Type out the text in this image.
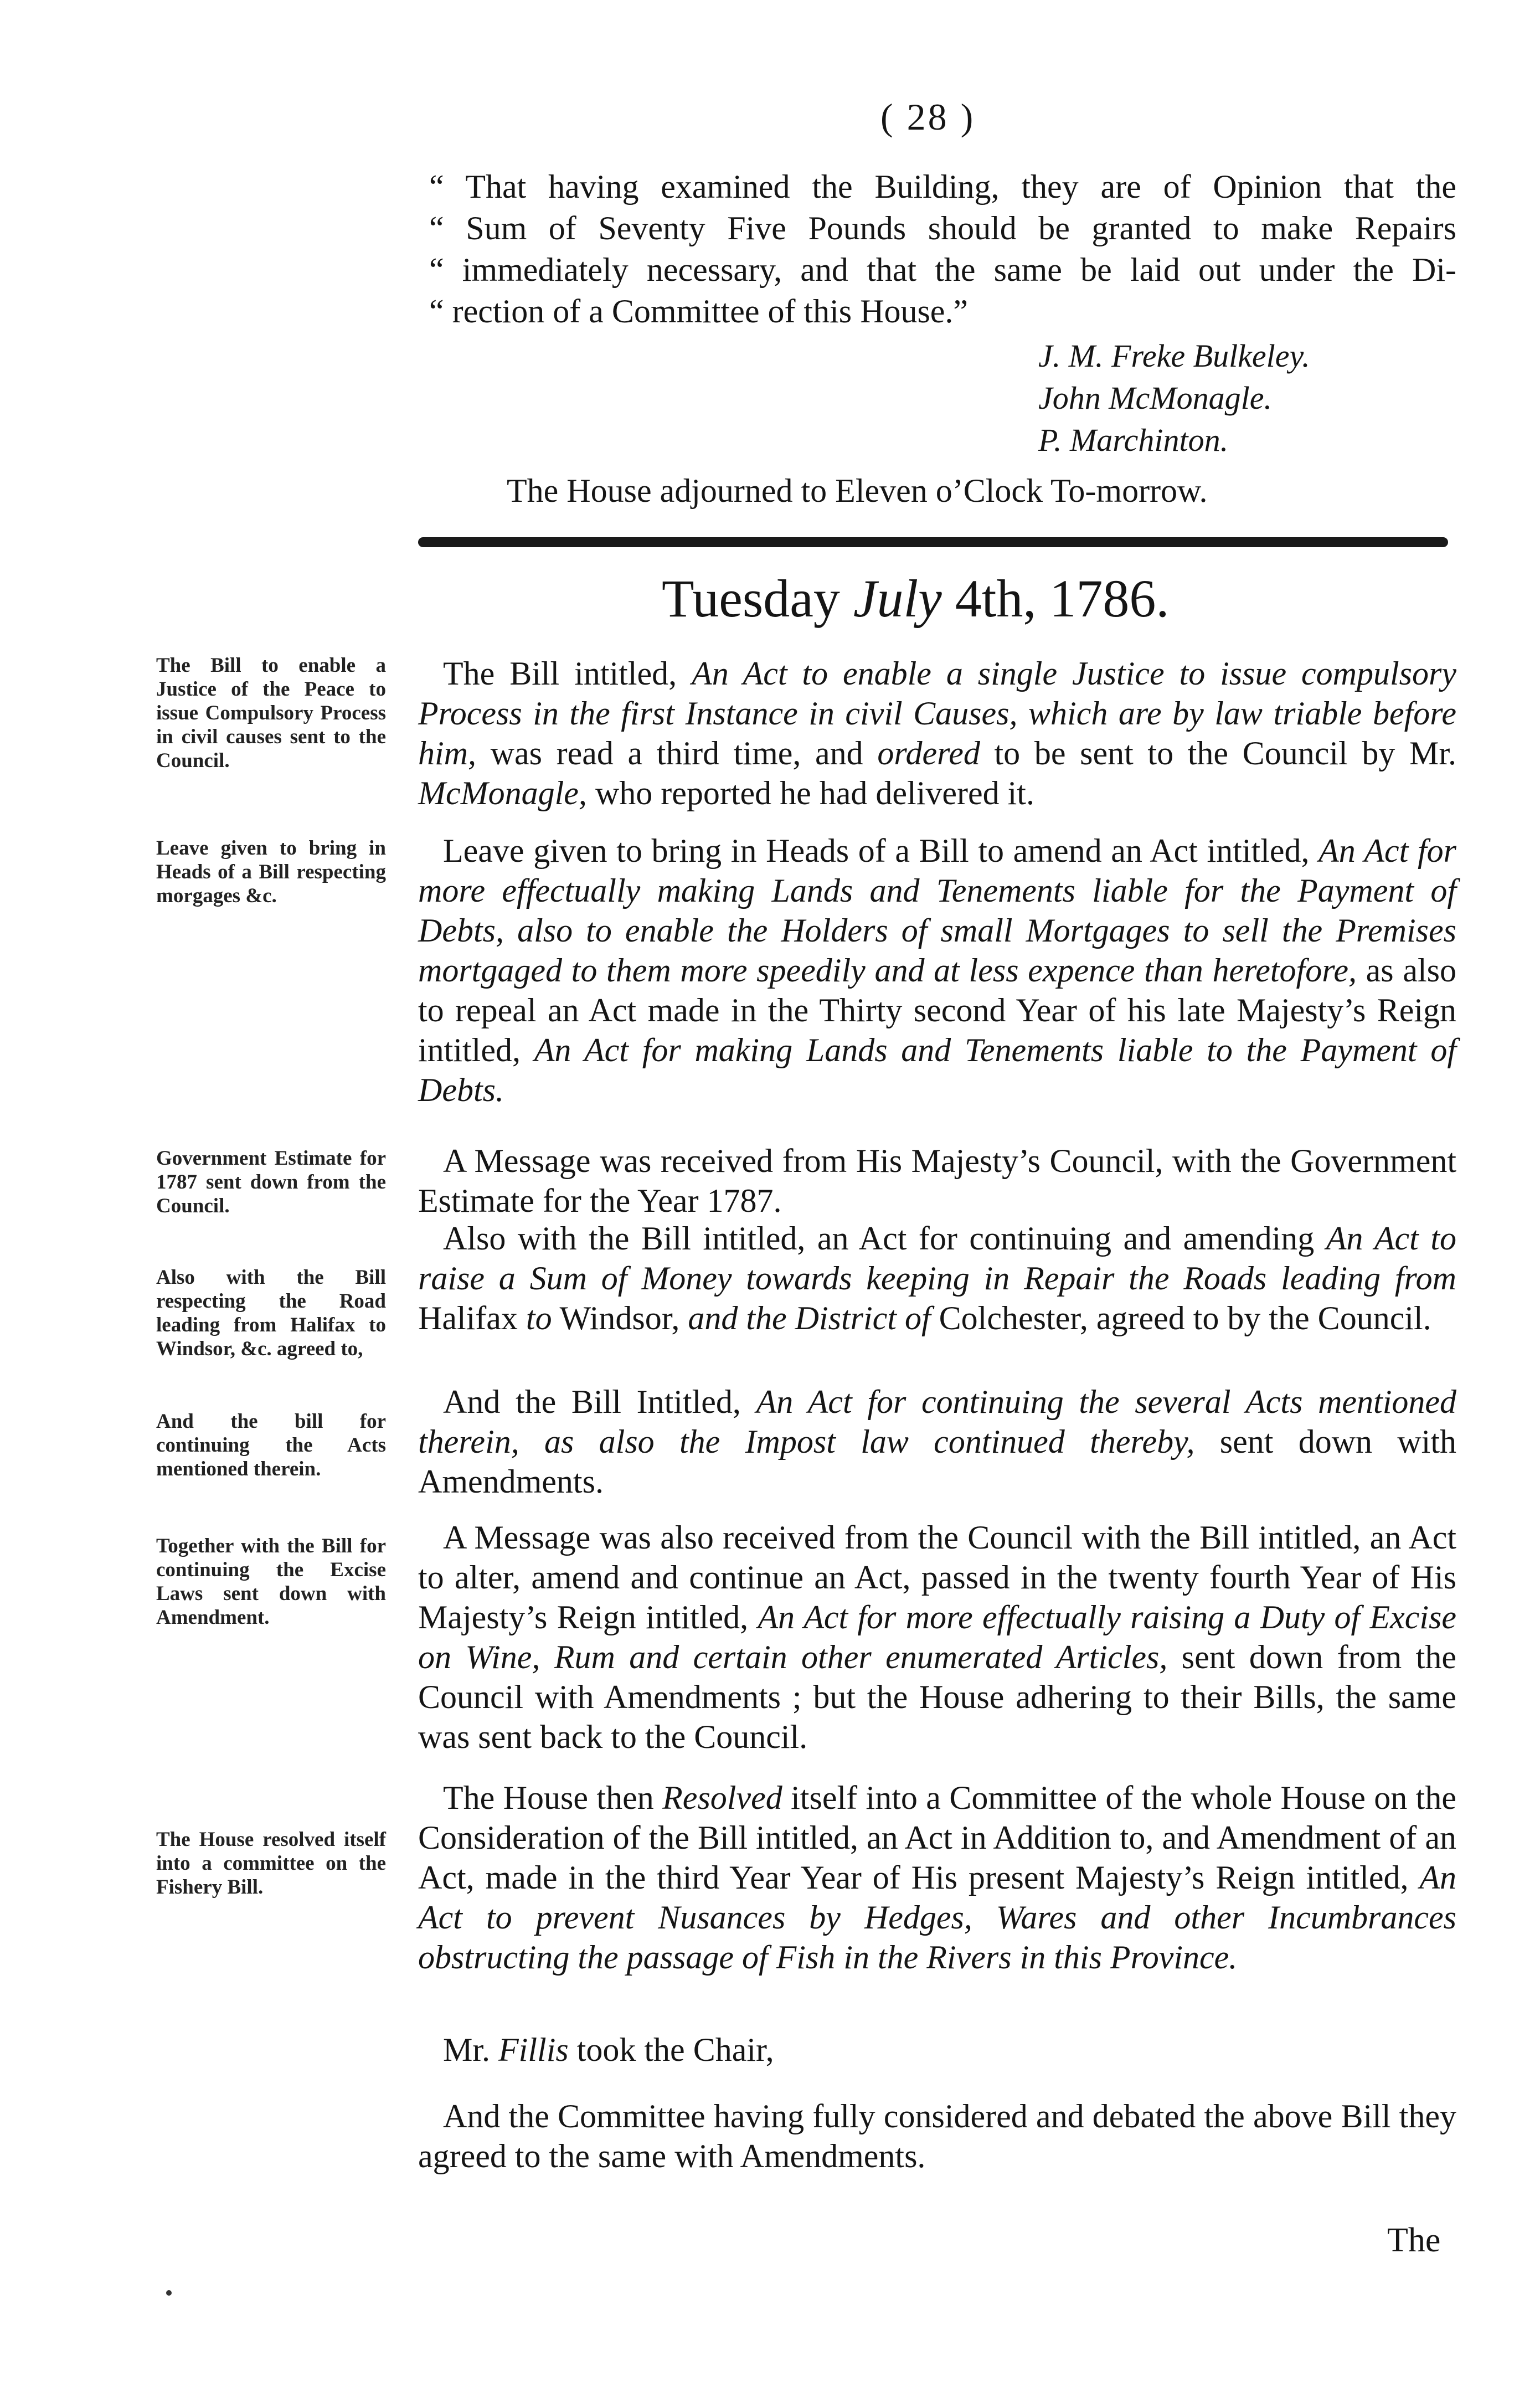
( 28 )
“ That having examined the Building, they are of Opinion that the
“ Sum of Seventy Five Pounds should be granted to make Repairs
“ immediately necessary, and that the same be laid out under the Di-
“ rection of a Committee of this House.”
J. M. Freke Bulkeley.
John McMonagle.
P. Marchinton.
The House adjourned to Eleven o’Clock To-morrow.
Tuesday July 4th, 1786.
The Bill to enable a Justice of the Peace to issue Compulsory Process in civil causes sent to the Council.
Leave given to bring in Heads of a Bill respecting morgages &c.
Government Estimate for 1787 sent down from the Council.
Also with the Bill respecting the Road leading from Halifax to Windsor, &c. agreed to,
And the bill for continuing the Acts mentioned therein.
Together with the Bill for continuing the Excise Laws sent down with Amendment.
The House resolved itself into a committee on the Fishery Bill.

The Bill intitled, An Act to enable a single Justice to issue compulsory Process in the first Instance in civil Causes, which are by law triable before him, was read a third time, and ordered to be sent to the Council by Mr. McMonagle, who reported he had delivered it.

Leave given to bring in Heads of a Bill to amend an Act intitled, An Act for more effectually making Lands and Tenements liable for the Payment of Debts, also to enable the Holders of small Mortgages to sell the Premises mortgaged to them more speedily and at less expence than heretofore, as also to repeal an Act made in the Thirty second Year of his late Majesty’s Reign intitled, An Act for making Lands and Tenements liable to the Payment of Debts.

A Message was received from His Majesty’s Council, with the Government Estimate for the Year 1787.

Also with the Bill intitled, an Act for continuing and amending An Act to raise a Sum of Money towards keeping in Repair the Roads leading from Halifax to Windsor, and the District of Colchester, agreed to by the Council.

And the Bill Intitled, An Act for continuing the several Acts mentioned therein, as also the Impost law continued thereby, sent down with Amendments.

A Message was also received from the Council with the Bill intitled, an Act to alter, amend and continue an Act, passed in the twenty fourth Year of His Majesty’s Reign intitled, An Act for more effectually raising a Duty of Excise on Wine, Rum and certain other enumerated Articles, sent down from the Council with Amendments ; but the House adhering to their Bills, the same was sent back to the Council.

The House then Resolved itself into a Committee of the whole House on the Consideration of the Bill intitled, an Act in Addition to, and Amendment of an Act, made in the third Year Year of His present Majesty’s Reign intitled, An Act to prevent Nusances by Hedges, Wares and other Incumbrances obstructing the passage of Fish in the Rivers in this Province.

Mr. Fillis took the Chair,

And the Committee having fully considered and debated the above Bill they agreed to the same with Amendments.

The
